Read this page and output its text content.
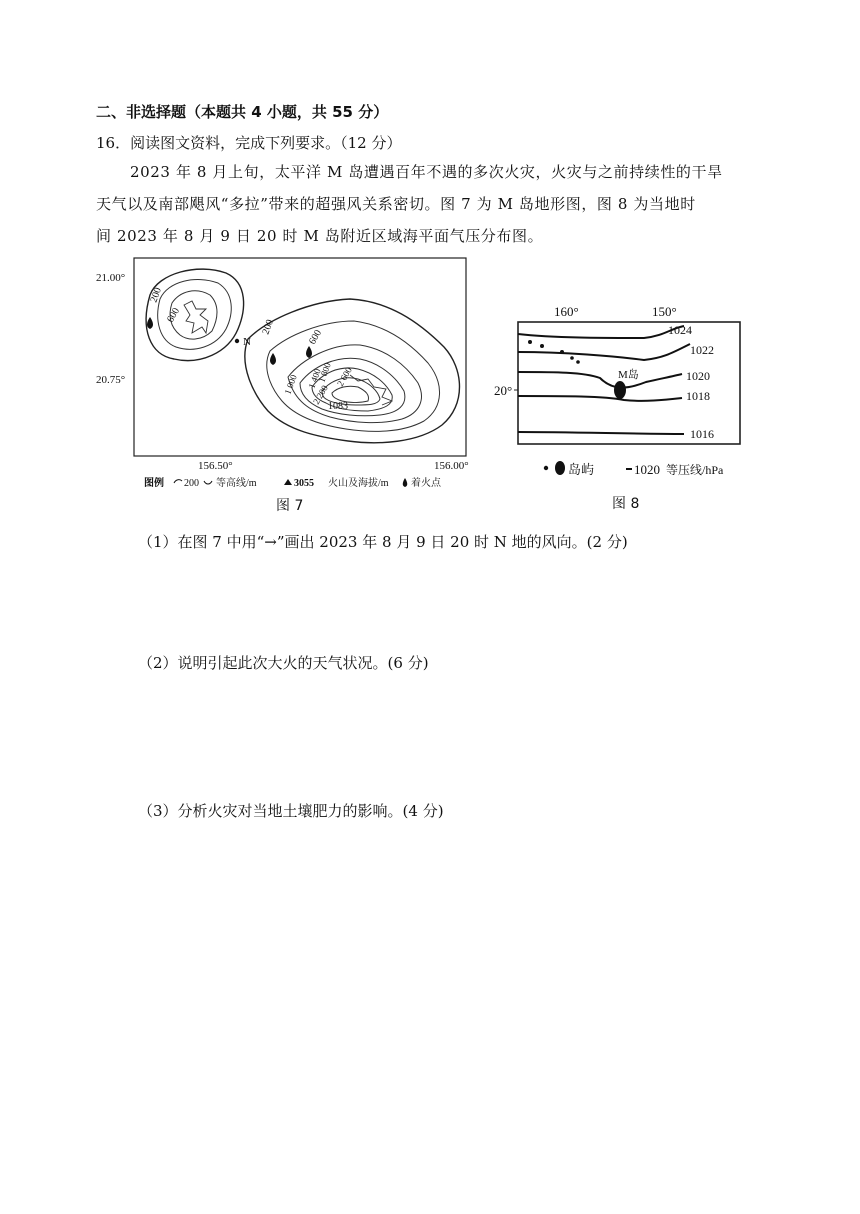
二、非选择题（本题共 4 小题，共 55 分）
16．阅读图文资料，完成下列要求。（12 分）
2023 年 8 月上旬，太平洋 M 岛遭遇百年不遇的多次火灾，火灾与之前持续性的干旱
天气以及南部飓风“多拉”带来的超强风关系密切。图 7 为 M 岛地形图，图 8 为当地时
间 2023 年 8 月 9 日 20 时 M 岛附近区域海平面气压分布图。
N
200
600
200
600
1 000 1 400
1 800
2 200
2 600
1083
21.00°
20.75°
156.50°	156.00°
图例 200 等高线/m	3055 火山及海拔/m 着火点
图 7
160°	150°
20°
1024
1022
1020
1018
1016
M岛
岛屿	1020 等压线/hPa
图 8
（1）在图 7 中用“→”画出 2023 年 8 月 9 日 20 时 N 地的风向。(2 分)
（2）说明引起此次大火的天气状况。(6 分)
（3）分析火灾对当地土壤肥力的影响。(4 分)
